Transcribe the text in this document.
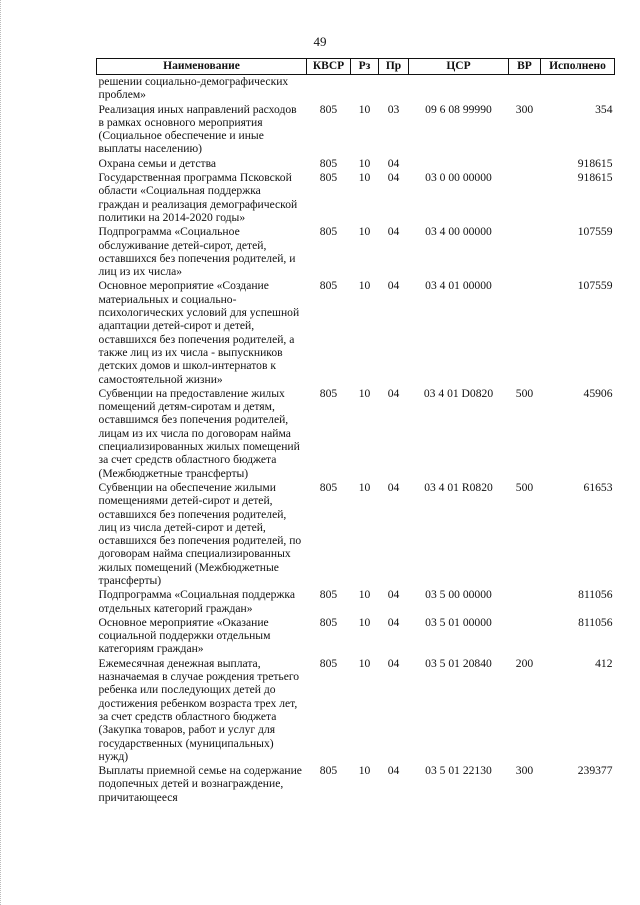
49
Наименование	КВСР	Рз	Пр	ЦСР	ВР	Исполнено
решении социально-демографических проблем»						
Реализация иных направлений расходов в рамках основного мероприятия (Социальное обеспечение и иные выплаты населению)	805	10	03	09 6 08 99990	300	354
Охрана семьи и детства	805	10	04			918615
Государственная программа Псковской области «Социальная поддержка граждан и реализация демографической политики на 2014-2020 годы»	805	10	04	03 0 00 00000		918615
Подпрограмма «Социальное обслуживание детей-сирот, детей, оставшихся без попечения родителей, и лиц из их числа»	805	10	04	03 4 00 00000		107559
Основное мероприятие «Создание материальных и социально-психологических условий для успешной адаптации детей-сирот и детей, оставшихся без попечения родителей, а также лиц из их числа - выпускников детских домов и школ-интернатов к самостоятельной жизни»	805	10	04	03 4 01 00000		107559
Субвенции на предоставление жилых помещений детям-сиротам и детям, оставшимся без попечения родителей, лицам из их числа по договорам найма специализированных жилых помещений за счет средств областного бюджета (Межбюджетные трансферты)	805	10	04	03 4 01 D0820	500	45906
Субвенции на обеспечение жилыми помещениями детей-сирот и детей, оставшихся без попечения родителей, лиц из числа детей-сирот и детей, оставшихся без попечения родителей, по договорам найма специализированных жилых помещений (Межбюджетные трансферты)	805	10	04	03 4 01 R0820	500	61653
Подпрограмма «Социальная поддержка отдельных категорий граждан»	805	10	04	03 5 00 00000		811056
Основное мероприятие «Оказание социальной поддержки отдельным категориям граждан»	805	10	04	03 5 01 00000		811056
Ежемесячная денежная выплата, назначаемая в случае рождения третьего ребенка или последующих детей до достижения ребенком возраста трех лет, за счет средств областного бюджета (Закупка товаров, работ и услуг для государственных (муниципальных) нужд)	805	10	04	03 5 01 20840	200	412
Выплаты приемной семье на содержание подопечных детей и вознаграждение, причитающееся	805	10	04	03 5 01 22130	300	239377
